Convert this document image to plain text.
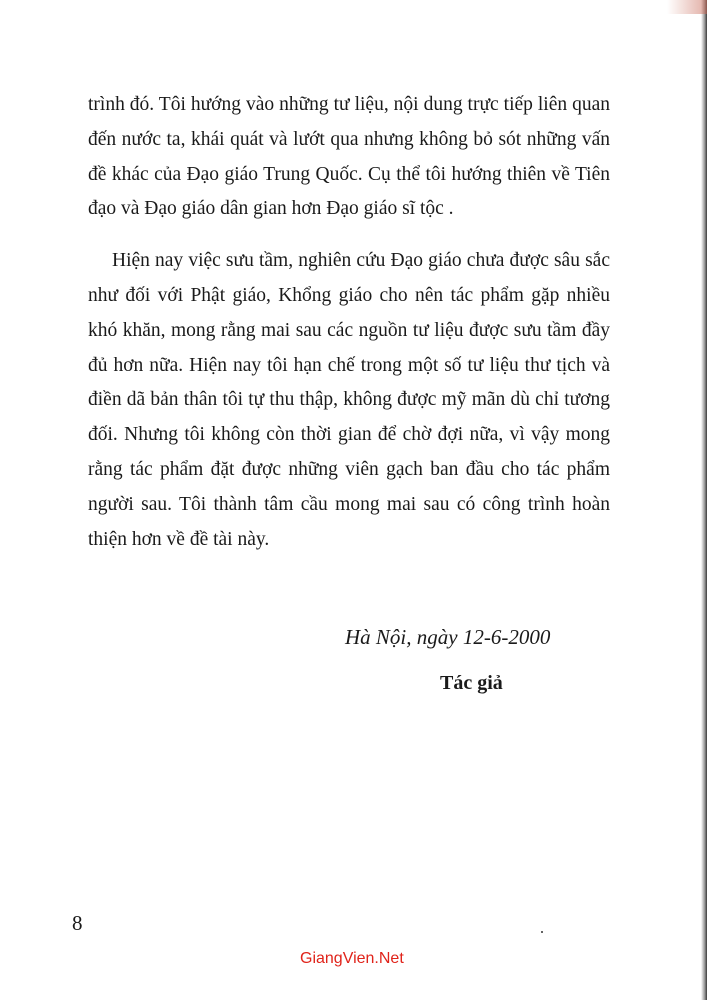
trình đó. Tôi hướng vào những tư liệu, nội dung trực tiếp liên quan đến nước ta, khái quát và lướt qua nhưng không bỏ sót những vấn đề khác của Đạo giáo Trung Quốc. Cụ thể tôi hướng thiên về Tiên đạo và Đạo giáo dân gian hơn Đạo giáo sĩ tộc .

Hiện nay việc sưu tầm, nghiên cứu Đạo giáo chưa được sâu sắc như đối với Phật giáo, Khổng giáo cho nên tác phẩm gặp nhiều khó khăn, mong rằng mai sau các nguồn tư liệu được sưu tầm đầy đủ hơn nữa. Hiện nay tôi hạn chế trong một số tư liệu thư tịch và điền dã bản thân tôi tự thu thập, không được mỹ mãn dù chỉ tương đối. Nhưng tôi không còn thời gian để chờ đợi nữa, vì vậy mong rằng tác phẩm đặt được những viên gạch ban đầu cho tác phẩm người sau. Tôi thành tâm cầu mong mai sau có công trình hoàn thiện hơn về đề tài này.

Hà Nội, ngày 12-6-2000
Tác giả
8
GiangVien.Net
